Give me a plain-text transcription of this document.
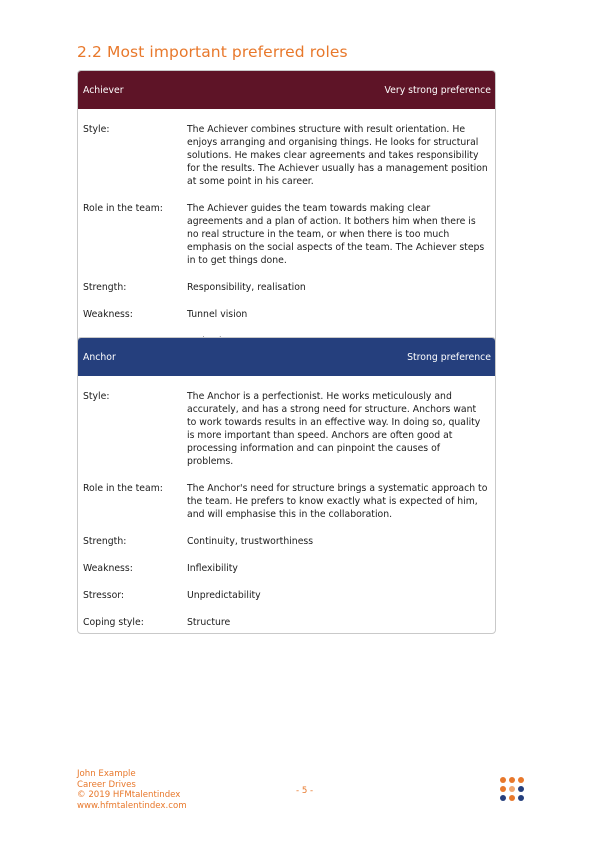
2.2 Most important preferred roles
Achiever	Very strong preference
Style:	The Achiever combines structure with result orientation. He enjoys arranging and organising things. He looks for structural solutions. He makes clear agreements and takes responsibility for the results. The Achiever usually has a management position at some point in his career.
Role in the team:	The Achiever guides the team towards making clear agreements and a plan of action. It bothers him when there is no real structure in the team, or when there is too much emphasis on the social aspects of the team. The Achiever steps in to get things done.
Strength:	Responsibility, realisation
Weakness:	Tunnel vision
Anchor	Strong preference
Style:	The Anchor is a perfectionist. He works meticulously and accurately, and has a strong need for structure. Anchors want to work towards results in an effective way. In doing so, quality is more important than speed. Anchors are often good at processing information and can pinpoint the causes of problems.
Role in the team:	The Anchor's need for structure brings a systematic approach to the team. He prefers to know exactly what is expected of him, and will emphasise this in the collaboration.
Strength:	Continuity, trustworthiness
Weakness:	Inflexibility
Stressor:	Unpredictability
Coping style:	Structure
John Example
Career Drives
© 2019 HFMtalentindex
www.hfmtalentindex.com
- 5 -
